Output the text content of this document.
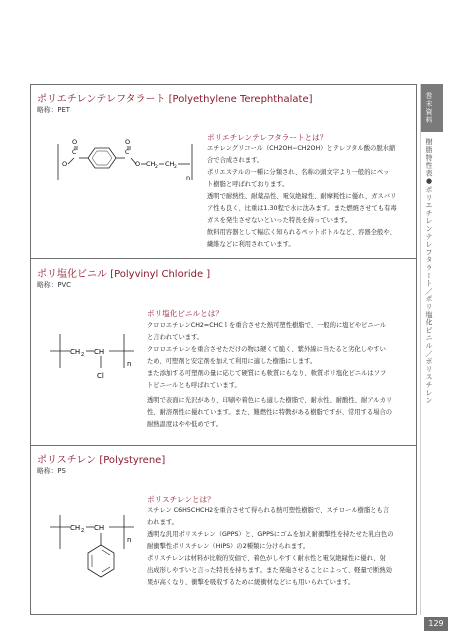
巻末資料
樹脂特性表●ポリエチレンテレフタラート／ポリ塩化ビニル／ポリスチレン
129
ポリエチレンテレフタラート [Polyethylene Terephthalate]
略称：PET
O
C
O
C
O
O CH 2 CH 2
n
ポリエチレンテレフタラートとは？
エチレングリコール（CH2OH−CH2OH）とテレフタル酸の脱水縮
合で合成されます。
ポリエステルの一種に分類され、名称の頭文字より一般的にペッ
ト樹脂と呼ばれております。
透明で耐熱性、耐薬品性、電気絶縁性、耐摩耗性に優れ、ガスバリ
ア性も良く、比重は1.30程で水に沈みます。また燃焼させても有毒
ガスを発生させないといった特長を持っています。
飲料用容器として幅広く知られるペットボトルなど、容器全般や、
繊維などに利用されています。
ポリ塩化ビニル [Polyvinyl Chloride ]
略称：PVC
CH 2 CH
Cl
n
ポリ塩化ビニルとは？
クロロエチレンCH2=CHCｌを重合させた熱可塑性樹脂で、一般的に塩ビやビニール
と言われています。
クロロエチレンを重合させただけの物は硬くて脆く、紫外線に当たると劣化しやすい
ため、可塑剤と安定剤を加えて利用に適した樹脂にします。
また添加する可塑剤の量に応じて硬質にも軟質にもなり、軟質ポリ塩化ビニルはソフ
トビニールとも呼ばれています。
透明で表面に光沢があり、印刷や着色にも適した樹脂で、耐水性、耐酸性、耐アルカリ
性、耐溶剤性に優れています。また、難燃性に特徴がある樹脂ですが、常用する場合の
耐熱温度はやや低めです。
ポリスチレン [Polystyrene]
略称：PS
CH 2 CH
n
ポリスチレンとは？
スチレン C6H5CHCH2を重合させて得られる熱可塑性樹脂で、スチロール樹脂とも言
われます。
透明な汎用ポリスチレン（GPPS）と、GPPSにゴムを加え耐衝撃性を持たせた乳白色の
耐衝撃性ポリスチレン（HIPS）の2種類に分けられます。
ポリスチレンは材料が比較的安価で、着色がしやすく耐水性と電気絶縁性に優れ、射
出成形しやすいと言った特長を持ちます。また発砲させることによって、軽量で断熱効
果が高くなり、衝撃を吸収するために緩衝材などにも用いられています。
